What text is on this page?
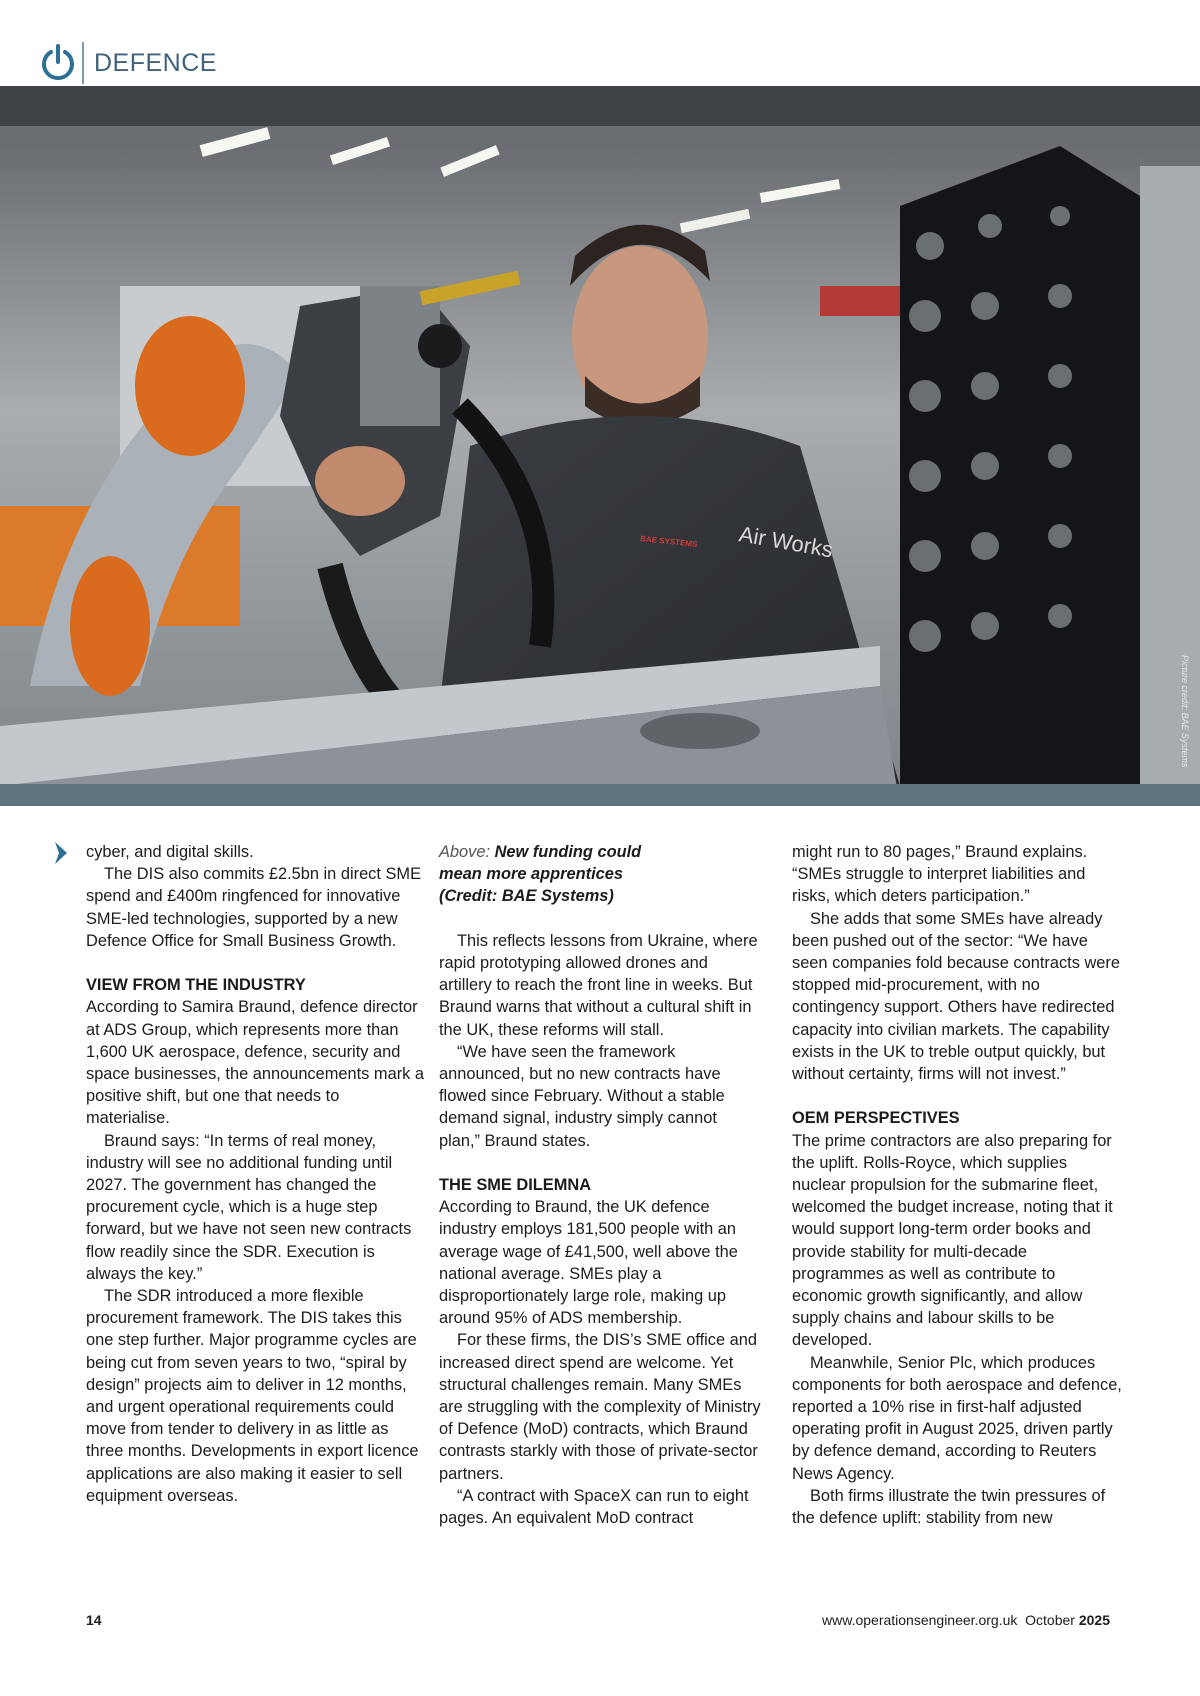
DEFENCE
Air Works
BAE SYSTEMS
Picture credit: BAE Systems

cyber, and digital skills.

The DIS also commits £2.5bn in direct SME spend and £400m ringfenced for innovative SME-led technologies, supported by a new Defence Office for Small Business Growth.

VIEW FROM THE INDUSTRY

According to Samira Braund, defence director at ADS Group, which represents more than 1,600 UK aerospace, defence, security and space businesses, the announcements mark a positive shift, but one that needs to materialise.

Braund says: “In terms of real money, industry will see no additional funding until 2027. The government has changed the procurement cycle, which is a huge step forward, but we have not seen new contracts flow readily since the SDR. Execution is always the key.”

The SDR introduced a more flexible procurement framework. The DIS takes this one step further. Major programme cycles are being cut from seven years to two, “spiral by design” projects aim to deliver in 12 months, and urgent operational requirements could move from tender to delivery in as little as three months. Developments in export licence applications are also making it easier to sell equipment overseas.

Above: New funding could mean more apprentices (Credit: BAE Systems)

This reflects lessons from Ukraine, where rapid prototyping allowed drones and artillery to reach the front line in weeks. But Braund warns that without a cultural shift in the UK, these reforms will stall.

“We have seen the framework announced, but no new contracts have flowed since February. Without a stable demand signal, industry simply cannot plan,” Braund states.

THE SME DILEMNA

According to Braund, the UK defence industry employs 181,500 people with an average wage of £41,500, well above the national average. SMEs play a disproportionately large role, making up around 95% of ADS membership.

For these firms, the DIS’s SME office and increased direct spend are welcome. Yet structural challenges remain. Many SMEs are struggling with the complexity of Ministry of Defence (MoD) contracts, which Braund contrasts starkly with those of private-sector partners.

“A contract with SpaceX can run to eight pages. An equivalent MoD contract

might run to 80 pages,” Braund explains. “SMEs struggle to interpret liabilities and risks, which deters participation.”

She adds that some SMEs have already been pushed out of the sector: “We have seen companies fold because contracts were stopped mid-procurement, with no contingency support. Others have redirected capacity into civilian markets. The capability exists in the UK to treble output quickly, but without certainty, firms will not invest.”

OEM PERSPECTIVES

The prime contractors are also preparing for the uplift. Rolls-Royce, which supplies nuclear propulsion for the submarine fleet, welcomed the budget increase, noting that it would support long-term order books and provide stability for multi-decade programmes as well as contribute to economic growth significantly, and allow supply chains and labour skills to be developed.

Meanwhile, Senior Plc, which produces components for both aerospace and defence, reported a 10% rise in first-half adjusted operating profit in August 2025, driven partly by defence demand, according to Reuters News Agency.

Both firms illustrate the twin pressures of the defence uplift: stability from new

14	www.operationsengineer.org.uk October 2025
